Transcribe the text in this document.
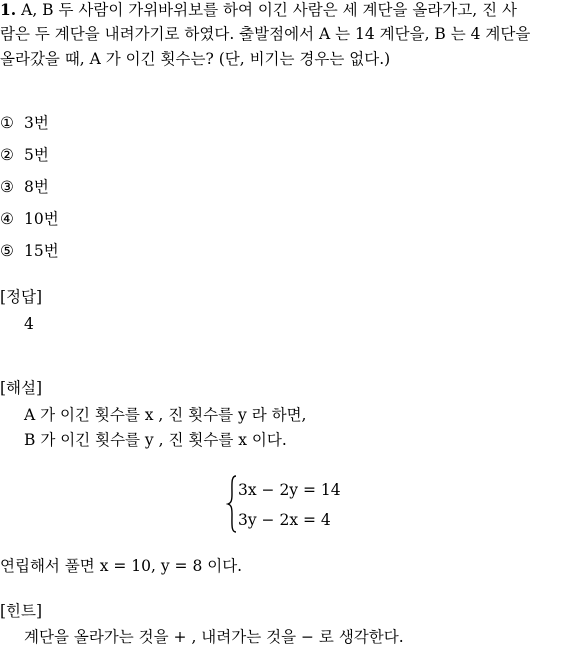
1. A, B 두 사람이 가위바위보를 하여 이긴 사람은 세 계단을 올라가고, 진 사
람은 두 계단을 내려가기로 하였다. 출발점에서 A 는 14 계단을, B 는 4 계단을
올라갔을 때, A 가 이긴 횟수는? (단, 비기는 경우는 없다.)
① 3번
② 5번
③ 8번
④ 10번
⑤ 15번
[정답]
4
[해설]
A 가 이긴 횟수를 x , 진 횟수를 y 라 하면,
B 가 이긴 횟수를 y , 진 횟수를 x 이다.
3x − 2y = 14
3y − 2x = 4
연립해서 풀면 x = 10, y = 8 이다.
[힌트]
계단을 올라가는 것을 + , 내려가는 것을 − 로 생각한다.
